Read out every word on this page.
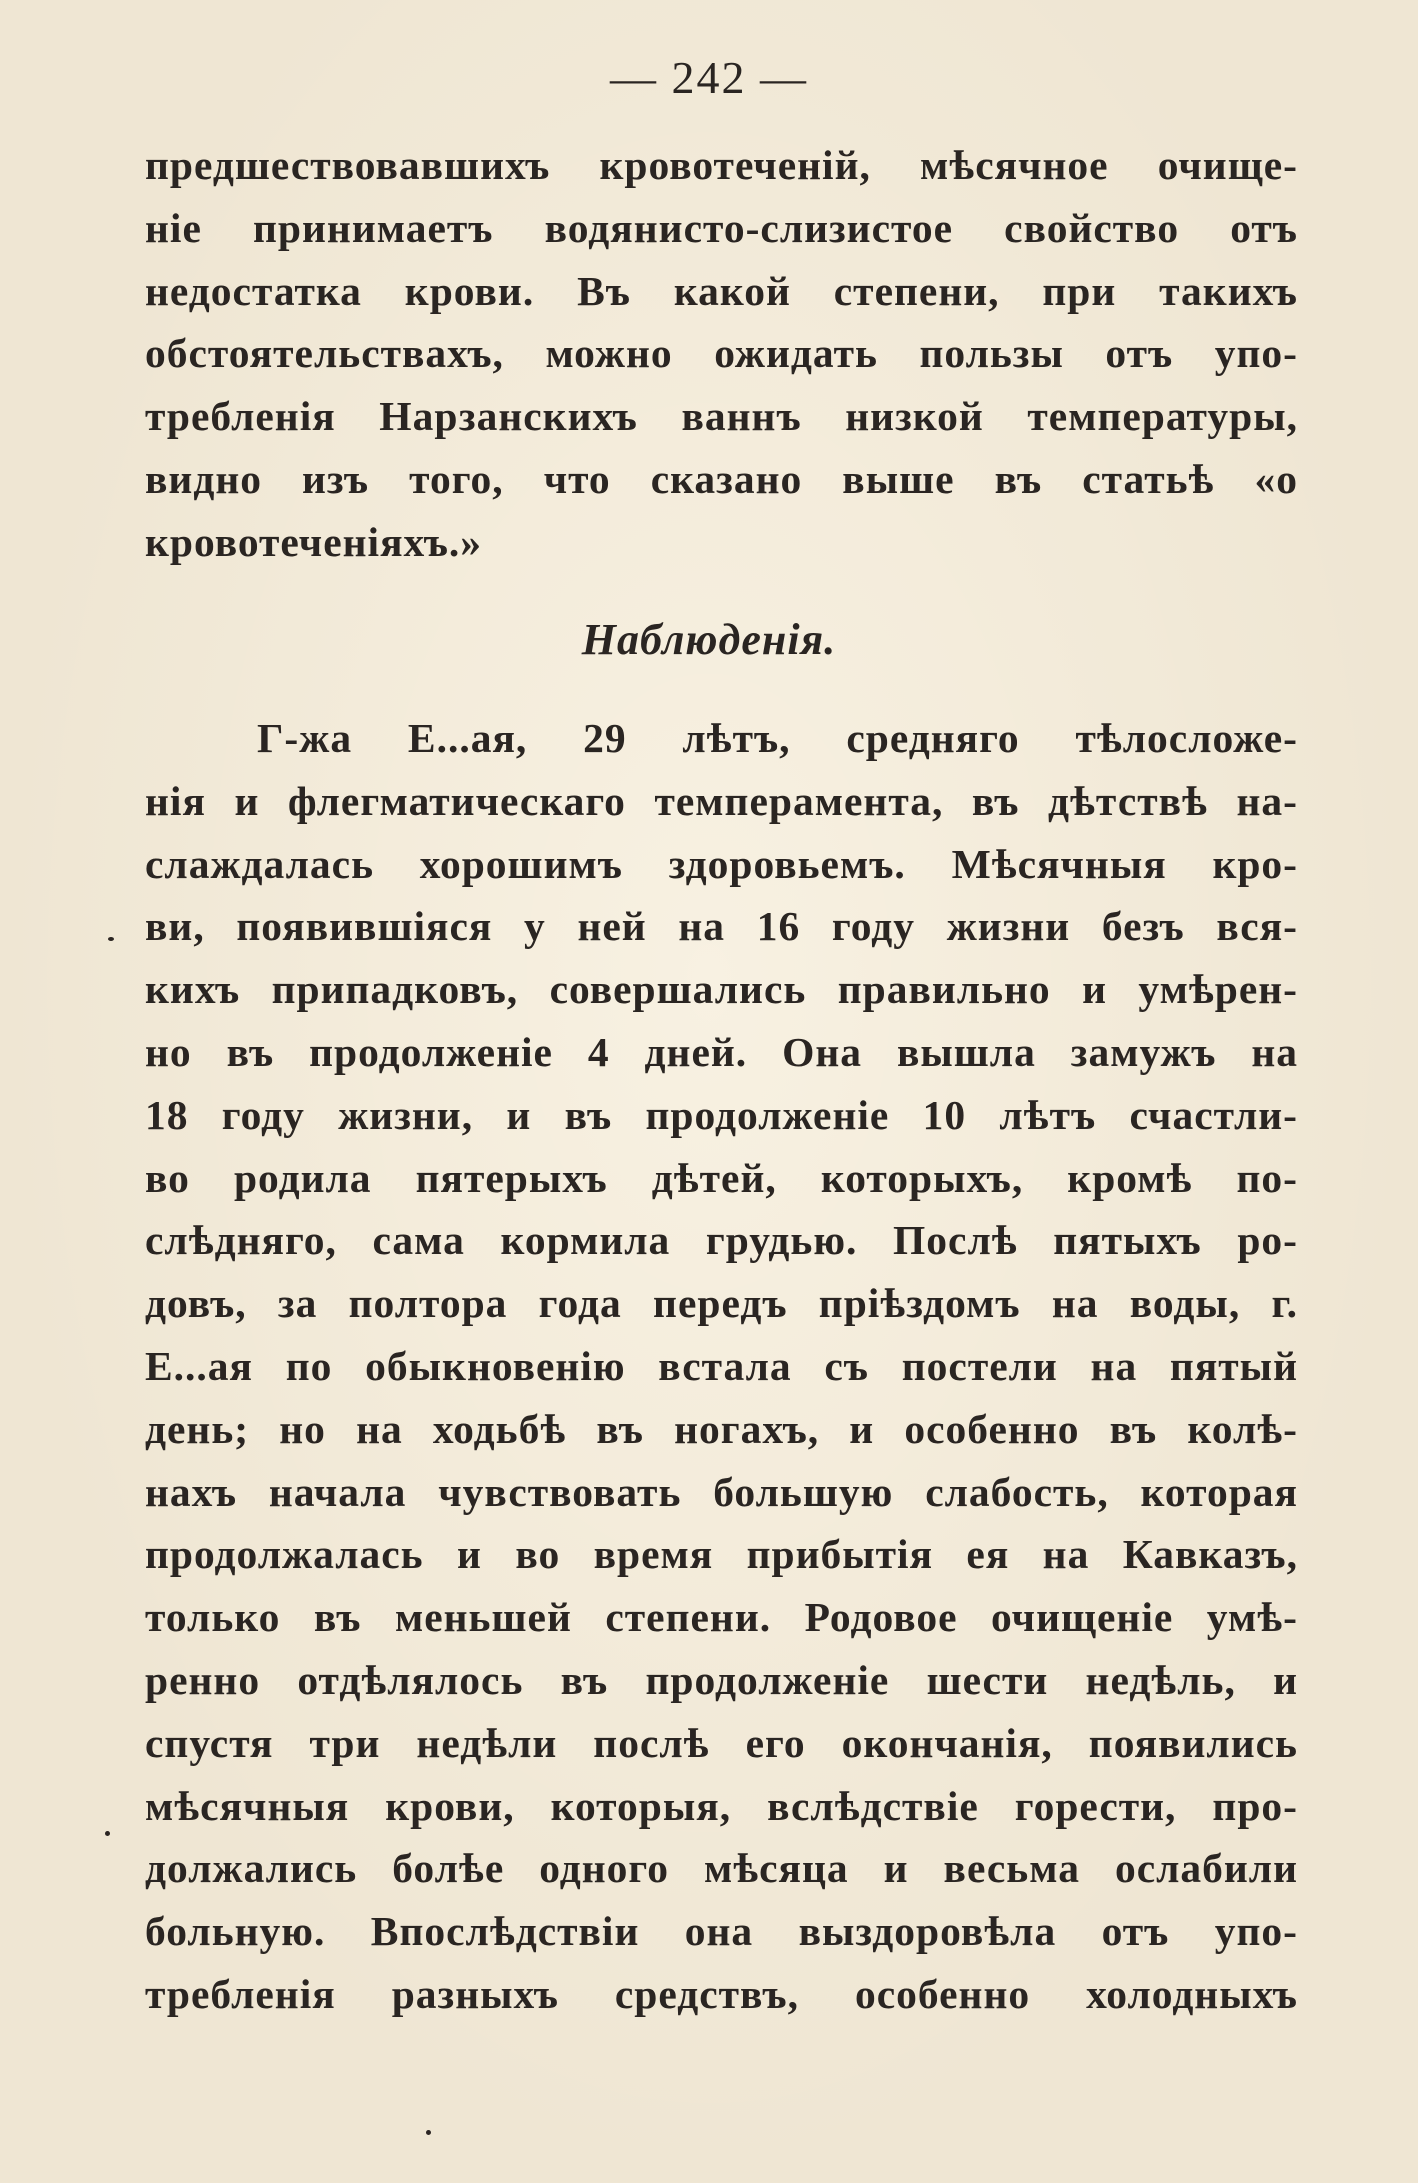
— 242 —
предшествовавшихъ кровотеченій, мѣсячное очище-
ніе принимаетъ водянисто-слизистое свойство отъ
недостатка крови. Въ какой степени, при такихъ
обстоятельствахъ, можно ожидать пользы отъ упо-
требленія Нарзанскихъ ваннъ низкой температуры,
видно изъ того, что сказано выше въ статьѣ «о
кровотеченіяхъ.»
Наблюденія.
Г-жа Е...ая, 29 лѣтъ, средняго тѣлосложе-
нія и флегматическаго темперамента, въ дѣтствѣ на-
слаждалась хорошимъ здоровьемъ. Мѣсячныя кро-
ви, появившіяся у ней на 16 году жизни безъ вся-
кихъ припадковъ, совершались правильно и умѣрен-
но въ продолженіе 4 дней. Она вышла замужъ на
18 году жизни, и въ продолженіе 10 лѣтъ счастли-
во родила пятерыхъ дѣтей, которыхъ, кромѣ по-
слѣдняго, сама кормила грудью. Послѣ пятыхъ ро-
довъ, за полтора года передъ пріѣздомъ на воды, г.
Е...ая по обыкновенію встала съ постели на пятый
день; но на ходьбѣ въ ногахъ, и особенно въ колѣ-
нахъ начала чувствовать большую слабость, которая
продолжалась и во время прибытія ея на Кавказъ,
только въ меньшей степени. Родовое очищеніе умѣ-
ренно отдѣлялось въ продолженіе шести недѣль, и
спустя три недѣли послѣ его окончанія, появились
мѣсячныя крови, которыя, вслѣдствіе горести, про-
должались болѣе одного мѣсяца и весьма ослабили
больную. Впослѣдствіи она выздоровѣла отъ упо-
требленія разныхъ средствъ, особенно холодныхъ
